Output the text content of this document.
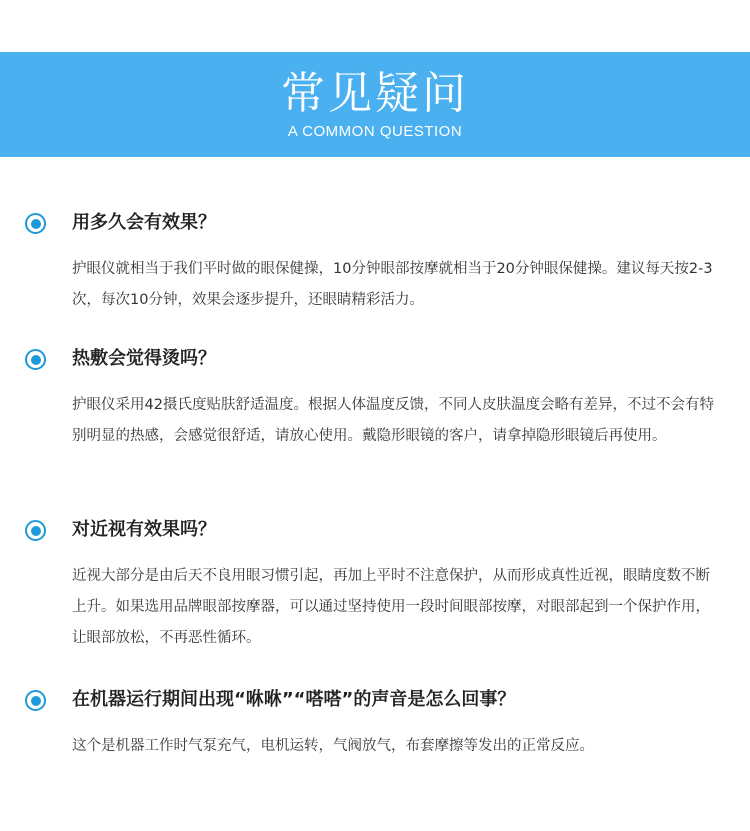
常见疑问
A COMMON QUESTION
用多久会有效果？

护眼仪就相当于我们平时做的眼保健操，10分钟眼部按摩就相当于20分钟眼保健操。建议每天按2-3次，每次10分钟，效果会逐步提升，还眼睛精彩活力。

热敷会觉得烫吗？

护眼仪采用42摄氏度贴肤舒适温度。根据人体温度反馈，不同人皮肤温度会略有差异，不过不会有特别明显的热感，会感觉很舒适，请放心使用。戴隐形眼镜的客户，请拿掉隐形眼镜后再使用。

对近视有效果吗？

近视大部分是由后天不良用眼习惯引起，再加上平时不注意保护，从而形成真性近视，眼睛度数不断上升。如果选用品牌眼部按摩器，可以通过坚持使用一段时间眼部按摩，对眼部起到一个保护作用，让眼部放松，不再恶性循环。

在机器运行期间出现“咻咻”“嗒嗒”的声音是怎么回事？

这个是机器工作时气泵充气，电机运转，气阀放气，布套摩擦等发出的正常反应。
